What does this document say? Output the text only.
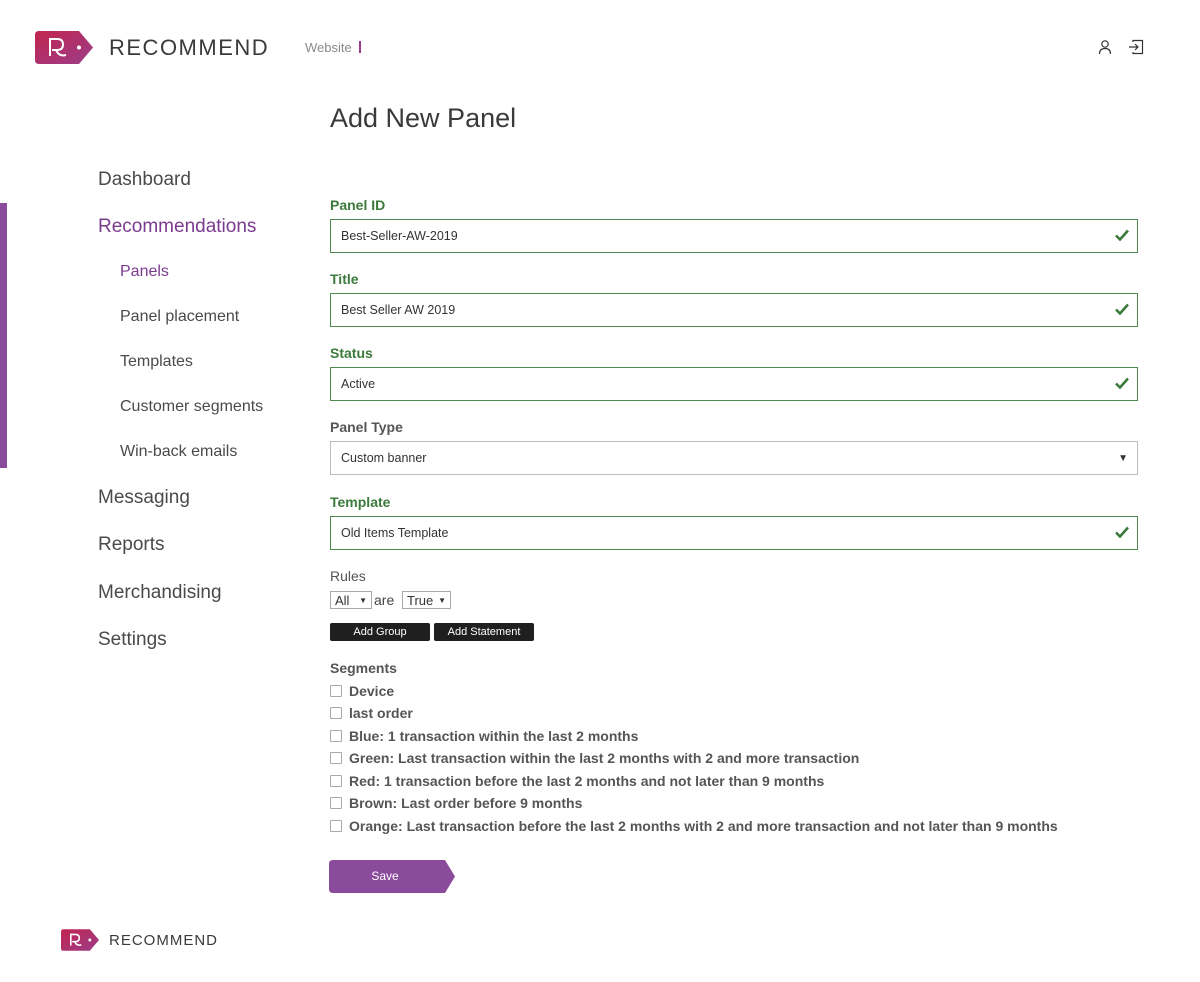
RECOMMEND	Website
Dashboard
Recommendations
Panels
Panel placement
Templates
Customer segments
Win-back emails
Messaging
Reports
Merchandising
Settings
Add New Panel
Panel ID
Best-Seller-AW-2019
Title
Best Seller AW 2019
Status
Active
Panel Type
Custom banner	▼
Template
Old Items Template
Rules
All ▼ are True ▼
Add Group	Add Statement
Segments
Device
last order
Blue: 1 transaction within the last 2 months
Green: Last transaction within the last 2 months with 2 and more transaction
Red: 1 transaction before the last 2 months and not later than 9 months
Brown: Last order before 9 months
Orange: Last transaction before the last 2 months with 2 and more transaction and not later than 9 months
Save
RECOMMEND
